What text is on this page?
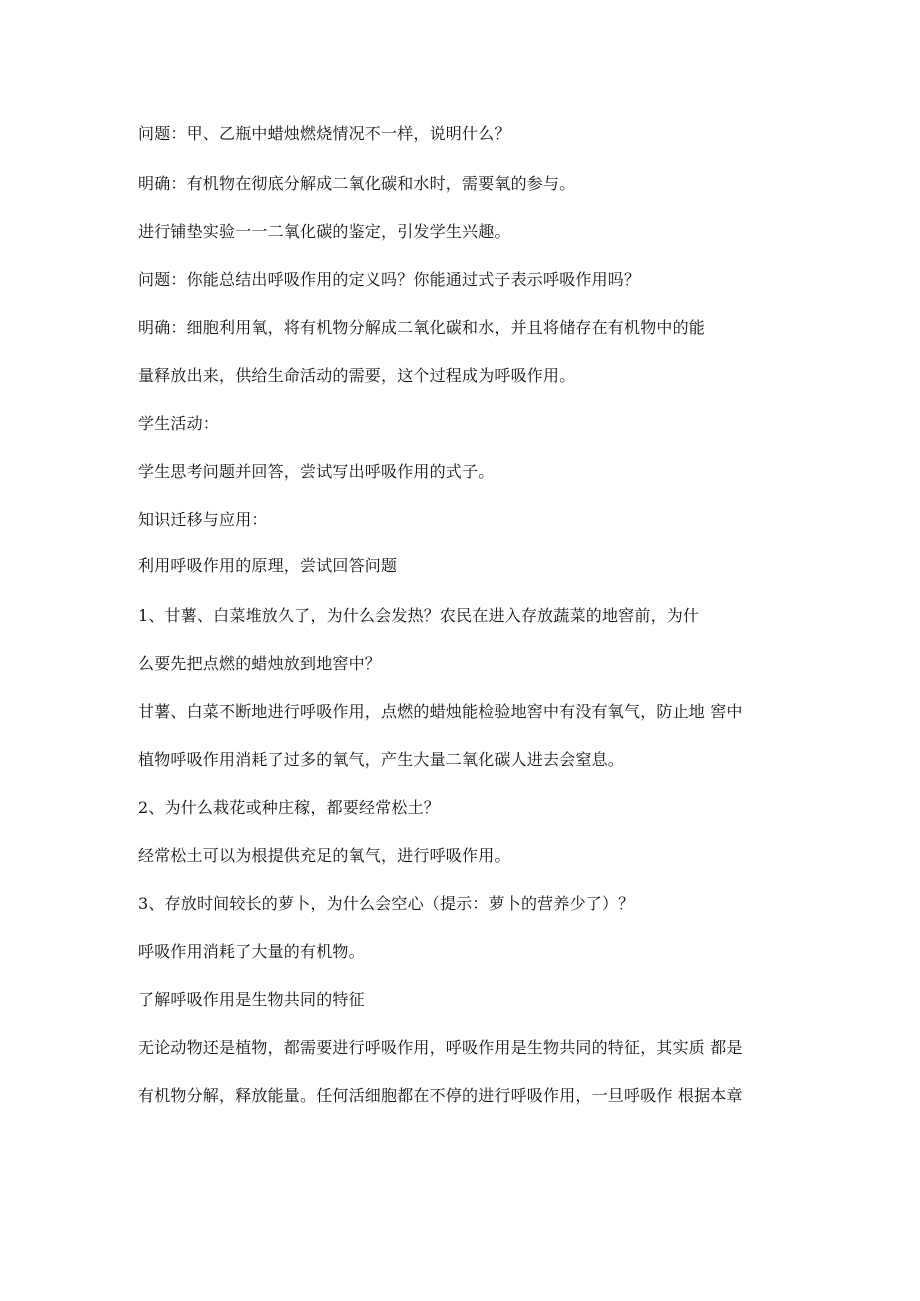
问题：甲、乙瓶中蜡烛燃烧情况不一样，说明什么？
明确：有机物在彻底分解成二氧化碳和水时，需要氧的参与。
进行铺垫实验一一二氧化碳的鉴定，引发学生兴趣。
问题：你能总结出呼吸作用的定义吗？你能通过式子表示呼吸作用吗？
明确：细胞利用氧，将有机物分解成二氧化碳和水，并且将储存在有机物中的能
量释放出来，供给生命活动的需要，这个过程成为呼吸作用。
学生活动：
学生思考问题并回答，尝试写出呼吸作用的式子。
知识迁移与应用：
利用呼吸作用的原理，尝试回答问题
1、甘薯、白菜堆放久了，为什么会发热？农民在进入存放蔬菜的地窖前，为什
么要先把点燃的蜡烛放到地窖中？
甘薯、白菜不断地进行呼吸作用，点燃的蜡烛能检验地窖中有没有氧气，防止地 窖中
植物呼吸作用消耗了过多的氧气，产生大量二氧化碳人进去会窒息。
2、为什么栽花或种庄稼，都要经常松土？
经常松土可以为根提供充足的氧气，进行呼吸作用。
3、存放时间较长的萝卜，为什么会空心（提示：萝卜的营养少了）？
呼吸作用消耗了大量的有机物。
了解呼吸作用是生物共同的特征
无论动物还是植物，都需要进行呼吸作用，呼吸作用是生物共同的特征，其实质 都是
有机物分解，释放能量。任何活细胞都在不停的进行呼吸作用，一旦呼吸作 根据本章
